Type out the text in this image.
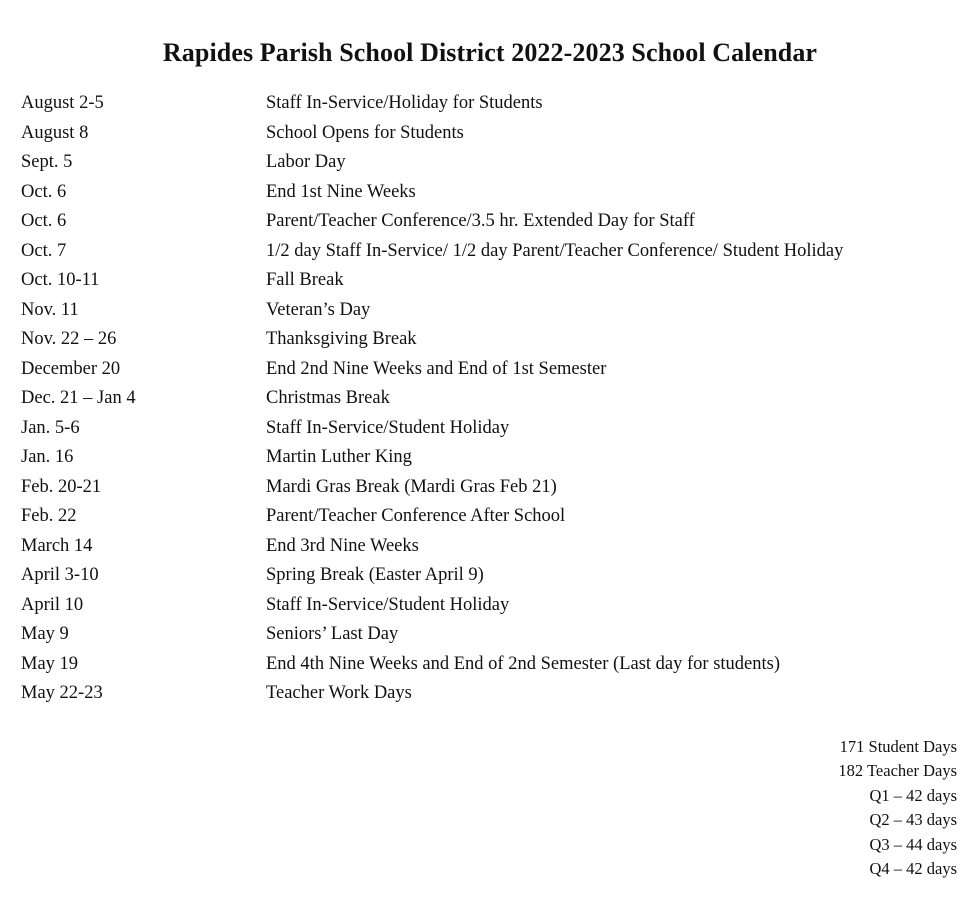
Rapides Parish School District 2022-2023 School Calendar
August 2-5	Staff In-Service/Holiday for Students
August 8	School Opens for Students
Sept. 5	Labor Day
Oct. 6	End 1st Nine Weeks
Oct. 6	Parent/Teacher Conference/3.5 hr. Extended Day for Staff
Oct. 7	1/2 day Staff In-Service/ 1/2 day Parent/Teacher Conference/ Student Holiday
Oct. 10-11	Fall Break
Nov. 11	Veteran’s Day
Nov. 22 – 26	Thanksgiving Break
December 20	End 2nd Nine Weeks and End of 1st Semester
Dec. 21 – Jan 4	Christmas Break
Jan. 5-6	Staff In-Service/Student Holiday
Jan. 16	Martin Luther King
Feb. 20-21	Mardi Gras Break (Mardi Gras Feb 21)
Feb. 22	Parent/Teacher Conference After School
March 14	End 3rd Nine Weeks
April 3-10	Spring Break (Easter April 9)
April 10	Staff In-Service/Student Holiday
May 9	Seniors’ Last Day
May 19	End 4th Nine Weeks and End of 2nd Semester (Last day for students)
May 22-23	Teacher Work Days
171 Student Days
182 Teacher Days
Q1 – 42 days
Q2 – 43 days
Q3 – 44 days
Q4 – 42 days
